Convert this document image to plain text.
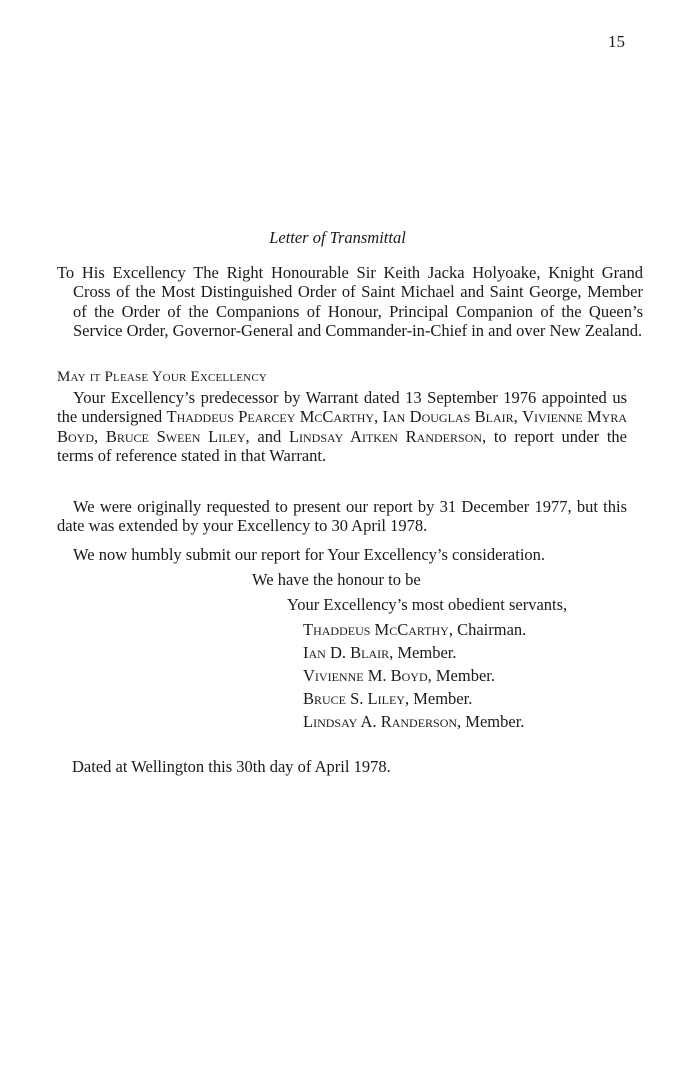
15
Letter of Transmittal
To His Excellency The Right Honourable Sir Keith Jacka Holyoake, Knight Grand Cross of the Most Distinguished Order of Saint Michael and Saint George, Member of the Order of the Companions of Honour, Principal Companion of the Queen’s Service Order, Governor-General and Commander-in-Chief in and over New Zealand.
May it Please Your Excellency
Your Excellency’s predecessor by Warrant dated 13 September 1976 appointed us the undersigned Thaddeus Pearcey McCarthy, Ian Douglas Blair, Vivienne Myra Boyd, Bruce Sween Liley, and Lindsay Aitken Randerson, to report under the terms of reference stated in that Warrant.
We were originally requested to present our report by 31 December 1977, but this date was extended by your Excellency to 30 April 1978.
We now humbly submit our report for Your Excellency’s consideration.
We have the honour to be
Your Excellency’s most obedient servants,
Thaddeus McCarthy, Chairman.
Ian D. Blair, Member.
Vivienne M. Boyd, Member.
Bruce S. Liley, Member.
Lindsay A. Randerson, Member.
Dated at Wellington this 30th day of April 1978.
